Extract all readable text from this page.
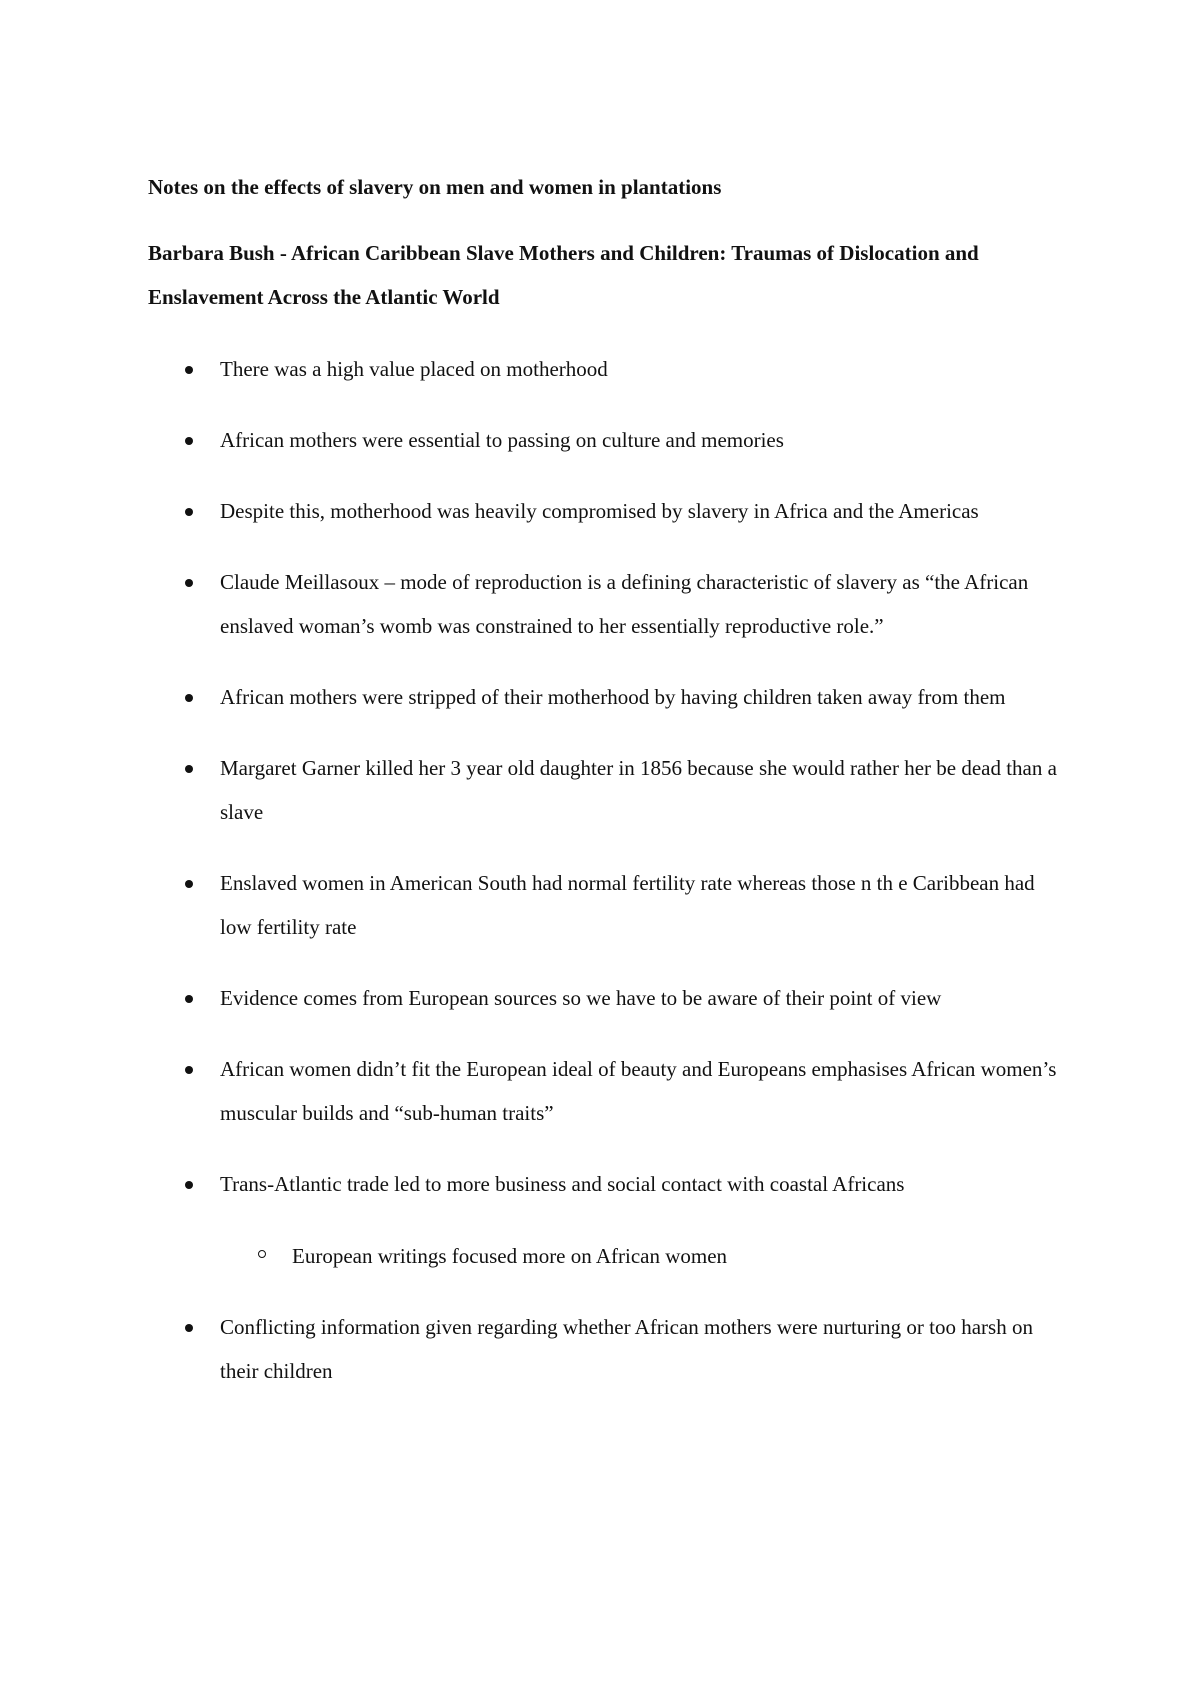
Notes on the effects of slavery on men and women in plantations
Barbara Bush - African Caribbean Slave Mothers and Children: Traumas of Dislocation and Enslavement Across the Atlantic World
There was a high value placed on motherhood
African mothers were essential to passing on culture and memories
Despite this, motherhood was heavily compromised by slavery in Africa and the Americas
Claude Meillasoux – mode of reproduction is a defining characteristic of slavery as “the African enslaved woman’s womb was constrained to her essentially reproductive role.”
African mothers were stripped of their motherhood by having children taken away from them
Margaret Garner killed her 3 year old daughter in 1856 because she would rather her be dead than a slave
Enslaved women in American South had normal fertility rate whereas those n th e Caribbean had low fertility rate
Evidence comes from European sources so we have to be aware of their point of view
African women didn’t fit the European ideal of beauty and Europeans emphasises African women’s muscular builds and “sub-human traits”
Trans-Atlantic trade led to more business and social contact with coastal Africans
European writings focused more on African women
Conflicting information given regarding whether African mothers were nurturing or too harsh on their children
